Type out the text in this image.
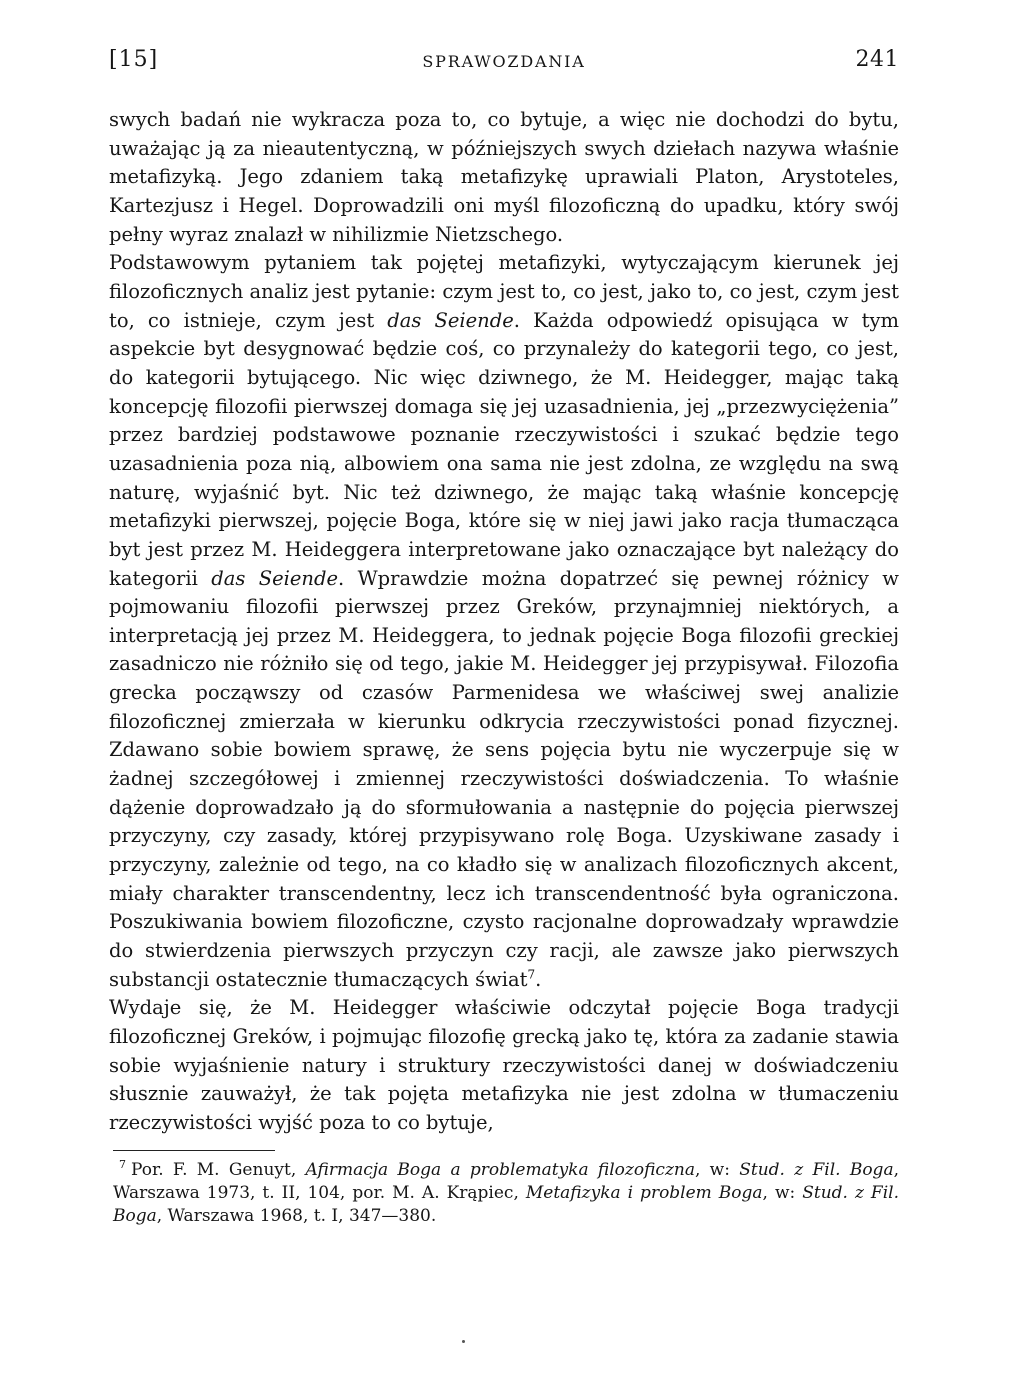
[15]	SPRAWOZDANIA	241

swych badań nie wykracza poza to, co bytuje, a więc nie dochodzi do bytu, uważając ją za nieautentyczną, w późniejszych swych dziełach nazywa właśnie metafizyką. Jego zdaniem taką metafizykę uprawiali Platon, Arystoteles, Kartezjusz i Hegel. Doprowadzili oni myśl filozoficzną do upadku, który swój pełny wyraz znalazł w nihilizmie Nietzschego.

Podstawowym pytaniem tak pojętej metafizyki, wytyczającym kierunek jej filozoficznych analiz jest pytanie: czym jest to, co jest, jako to, co jest, czym jest to, co istnieje, czym jest das Seiende. Każda odpowiedź opisująca w tym aspekcie byt desygnować będzie coś, co przynależy do kategorii tego, co jest, do kategorii bytującego. Nic więc dziwnego, że M. Heidegger, mając taką koncepcję filozofii pierwszej domaga się jej uzasadnienia, jej „przezwyciężenia” przez bardziej podstawowe poznanie rzeczywistości i szukać będzie tego uzasadnienia poza nią, albowiem ona sama nie jest zdolna, ze względu na swą naturę, wyjaśnić byt. Nic też dziwnego, że mając taką właśnie koncepcję metafizyki pierwszej, pojęcie Boga, które się w niej jawi jako racja tłumacząca byt jest przez M. Heideggera interpretowane jako oznaczające byt należący do kategorii das Seiende. Wprawdzie można dopatrzeć się pewnej różnicy w pojmowaniu filozofii pierwszej przez Greków, przynajmniej niektórych, a interpretacją jej przez M. Heideggera, to jednak pojęcie Boga filozofii greckiej zasadniczo nie różniło się od tego, jakie M. Heidegger jej przypisywał. Filozofia grecka począwszy od czasów Parmenidesa we właściwej swej analizie filozoficznej zmierzała w kierunku odkrycia rzeczywistości ponad fizycznej. Zdawano sobie bowiem sprawę, że sens pojęcia bytu nie wyczerpuje się w żadnej szczegółowej i zmiennej rzeczywistości doświadczenia. To właśnie dążenie doprowadzało ją do sformułowania a następnie do pojęcia pierwszej przyczyny, czy zasady, której przypisywano rolę Boga. Uzyskiwane zasady i przyczyny, zależnie od tego, na co kładło się w analizach filozoficznych akcent, miały charakter transcendentny, lecz ich transcendentność była ograniczona. Poszukiwania bowiem filozoficzne, czysto racjonalne doprowadzały wprawdzie do stwierdzenia pierwszych przyczyn czy racji, ale zawsze jako pierwszych substancji ostatecznie tłumaczących świat$^7$.

Wydaje się, że M. Heidegger właściwie odczytał pojęcie Boga tradycji filozoficznej Greków, i pojmując filozofię grecką jako tę, która za zadanie stawia sobie wyjaśnienie natury i struktury rzeczywistości danej w doświadczeniu słusznie zauważył, że tak pojęta metafizyka nie jest zdolna w tłumaczeniu rzeczywistości wyjść poza to co bytuje,

$^7$ Por. F. M. Genuyt, Afirmacja Boga a problematyka filozoficzna, w: Stud. z Fil. Boga, Warszawa 1973, t. II, 104, por. M. A. Krąpiec, Metafizyka i problem Boga, w: Stud. z Fil. Boga, Warszawa 1968, t. I, 347—380.
